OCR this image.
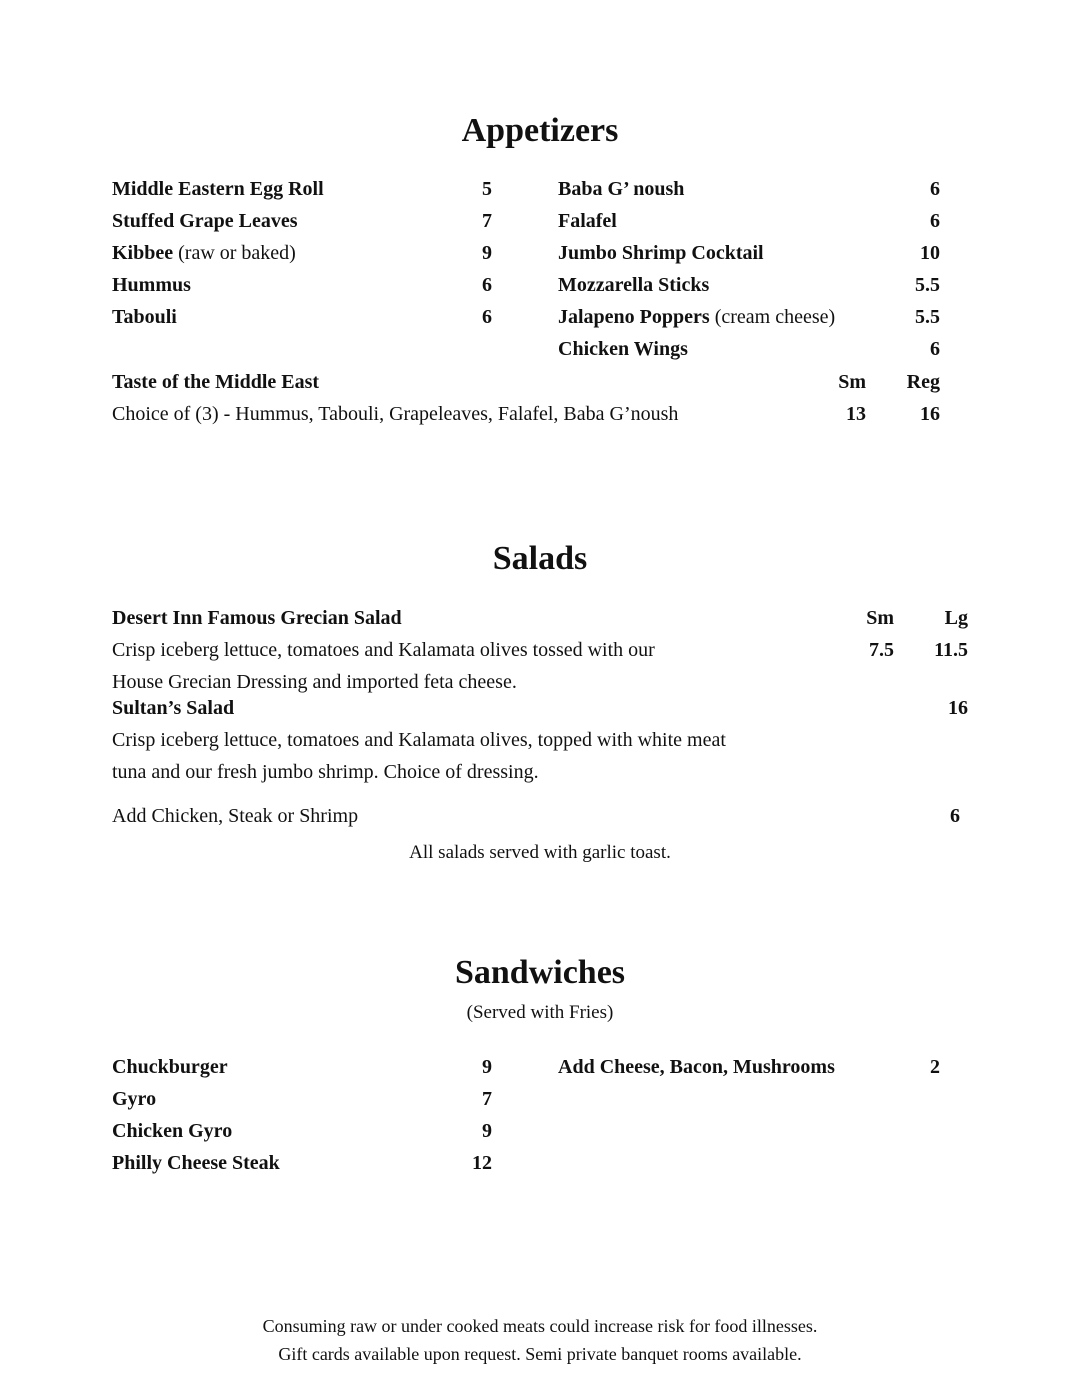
Appetizers
Middle Eastern Egg Roll	5
Stuffed Grape Leaves	7
Kibbee (raw or baked)	9
Hummus	6
Tabouli	6
Baba G’ noush	6
Falafel	6
Jumbo Shrimp Cocktail	10
Mozzarella Sticks	5.5
Jalapeno Poppers (cream cheese)	5.5
Chicken Wings	6
Taste of the Middle East	Sm	Reg
Choice of (3) - Hummus, Tabouli, Grapeleaves, Falafel, Baba G’noush	13	16
Salads
Desert Inn Famous Grecian Salad	Sm	Lg
Crisp iceberg lettuce, tomatoes and Kalamata olives tossed with our	7.5	11.5
House Grecian Dressing and imported feta cheese.
Sultan’s Salad	16
Crisp iceberg lettuce, tomatoes and Kalamata olives, topped with white meat
tuna and our fresh jumbo shrimp. Choice of dressing.
Add Chicken, Steak or Shrimp	6
All salads served with garlic toast.
Sandwiches
(Served with Fries)
Chuckburger	9
Gyro	7
Chicken Gyro	9
Philly Cheese Steak	12
Add Cheese, Bacon, Mushrooms	2
Consuming raw or under cooked meats could increase risk for food illnesses.
Gift cards available upon request. Semi private banquet rooms available.
